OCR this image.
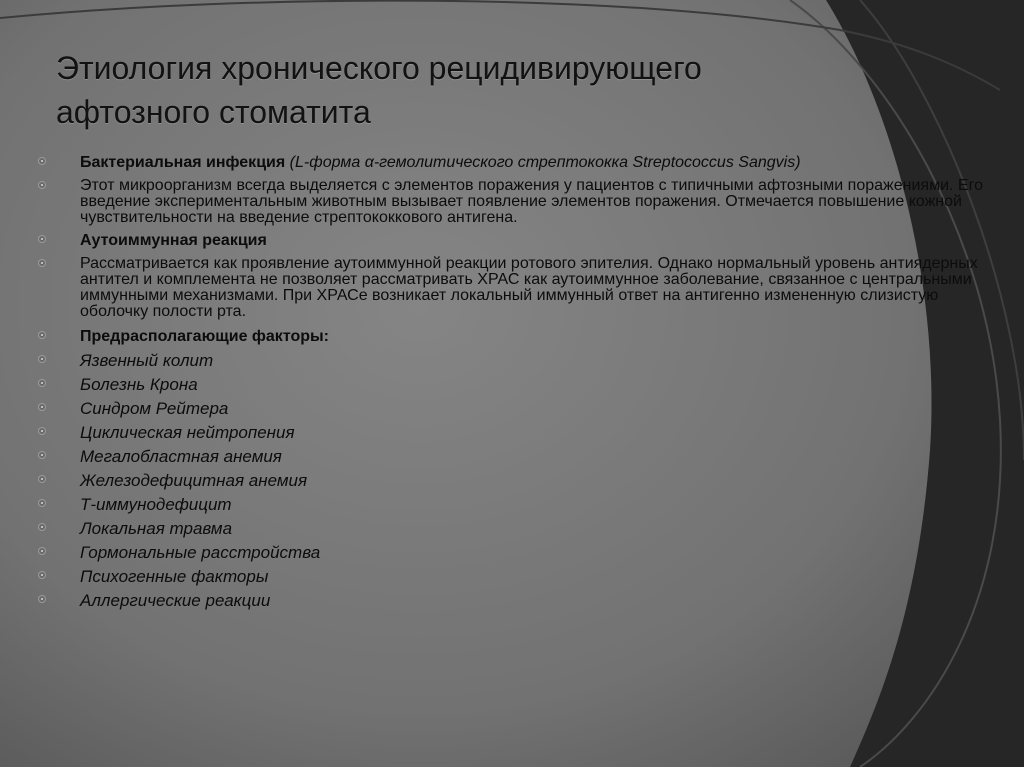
Этиология хронического рецидивирующего
афтозного стоматита
Бактериальная инфекция (L-форма α-гемолитического стрептококка Streptococcus Sangvis)
Этот микроорганизм всегда выделяется с элементов поражения у пациентов с типичными афтозными поражениями. Его введение экспериментальным животным вызывает появление элементов поражения. Отмечается повышение кожной чувствительности на введение стрептококкового антигена.
Аутоиммунная реакция
Рассматривается как проявление аутоиммунной реакции ротового эпителия. Однако нормальный уровень антиядерных антител и комплемента не позволяет рассматривать ХРАС как аутоиммунное заболевание, связанное с центральными иммунными механизмами. При ХРАСе возникает локальный иммунный ответ на антигенно измененную слизистую оболочку полости рта.
Предрасполагающие факторы:
Язвенный колит
Болезнь Крона
Синдром Рейтера
Циклическая нейтропения
Мегалобластная анемия
Железодефицитная анемия
Т-иммунодефицит
Локальная травма
Гормональные расстройства
Психогенные факторы
Аллергические реакции
